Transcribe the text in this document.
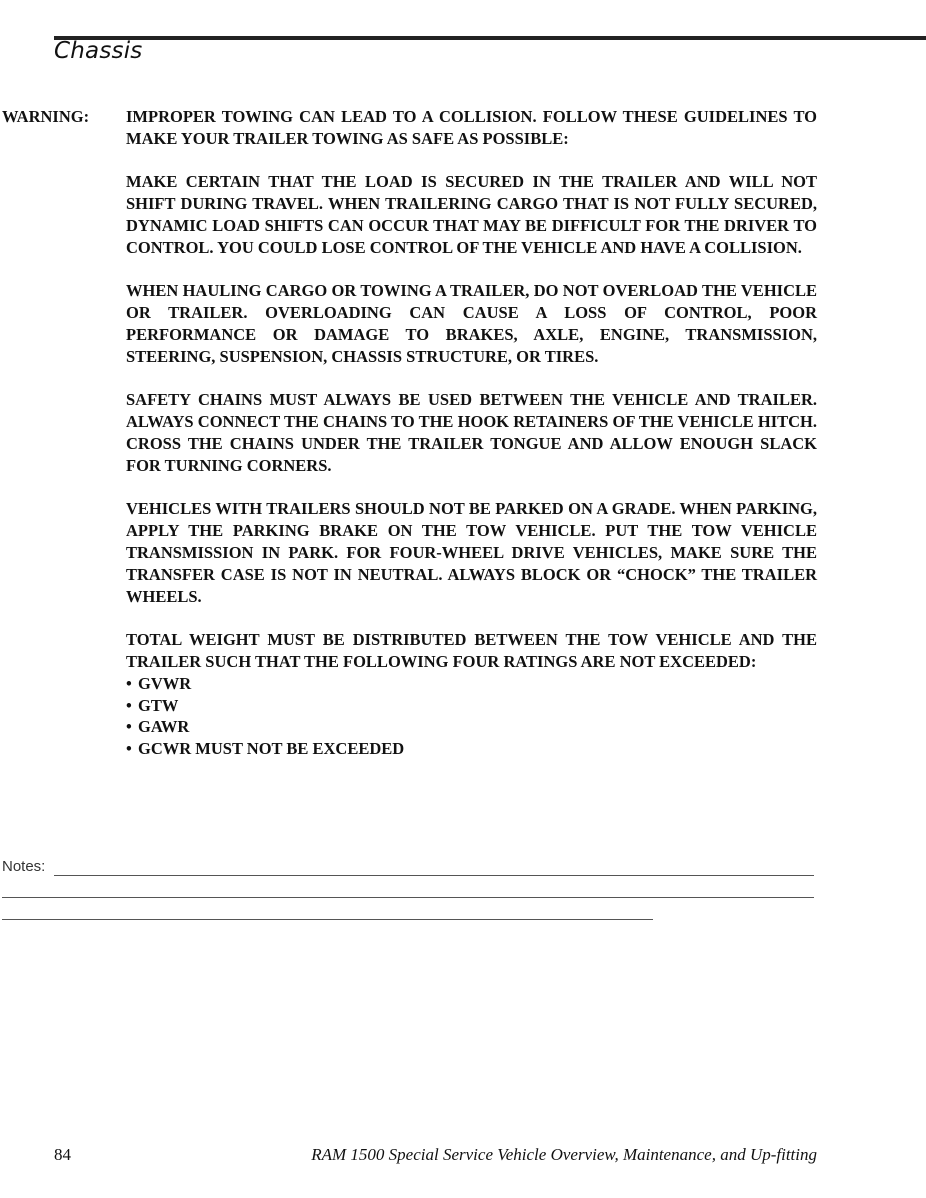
Chassis
WARNING: IMPROPER TOWING CAN LEAD TO A COLLISION. FOLLOW THESE GUIDELINES TO MAKE YOUR TRAILER TOWING AS SAFE AS POSSIBLE:

MAKE CERTAIN THAT THE LOAD IS SECURED IN THE TRAILER AND WILL NOT SHIFT DURING TRAVEL. WHEN TRAILERING CARGO THAT IS NOT FULLY SECURED, DYNAMIC LOAD SHIFTS CAN OCCUR THAT MAY BE DIFFICULT FOR THE DRIVER TO CONTROL. YOU COULD LOSE CONTROL OF THE VEHICLE AND HAVE A COLLISION.

WHEN HAULING CARGO OR TOWING A TRAILER, DO NOT OVERLOAD THE VEHICLE OR TRAILER. OVERLOADING CAN CAUSE A LOSS OF CONTROL, POOR PERFORMANCE OR DAMAGE TO BRAKES, AXLE, ENGINE, TRANSMISSION, STEERING, SUSPENSION, CHASSIS STRUCTURE, OR TIRES.

SAFETY CHAINS MUST ALWAYS BE USED BETWEEN THE VEHICLE AND TRAILER. ALWAYS CONNECT THE CHAINS TO THE HOOK RETAINERS OF THE VEHICLE HITCH. CROSS THE CHAINS UNDER THE TRAILER TONGUE AND ALLOW ENOUGH SLACK FOR TURNING CORNERS.

VEHICLES WITH TRAILERS SHOULD NOT BE PARKED ON A GRADE. WHEN PARKING, APPLY THE PARKING BRAKE ON THE TOW VEHICLE. PUT THE TOW VEHICLE TRANSMISSION IN PARK. FOR FOUR-WHEEL DRIVE VEHICLES, MAKE SURE THE TRANSFER CASE IS NOT IN NEUTRAL. ALWAYS BLOCK OR “CHOCK” THE TRAILER WHEELS.

TOTAL WEIGHT MUST BE DISTRIBUTED BETWEEN THE TOW VEHICLE AND THE TRAILER SUCH THAT THE FOLLOWING FOUR RATINGS ARE NOT EXCEEDED:

• GVWR
• GTW
• GAWR
• GCWR MUST NOT BE EXCEEDED
Notes:
84	RAM 1500 Special Service Vehicle Overview, Maintenance, and Up-fitting
